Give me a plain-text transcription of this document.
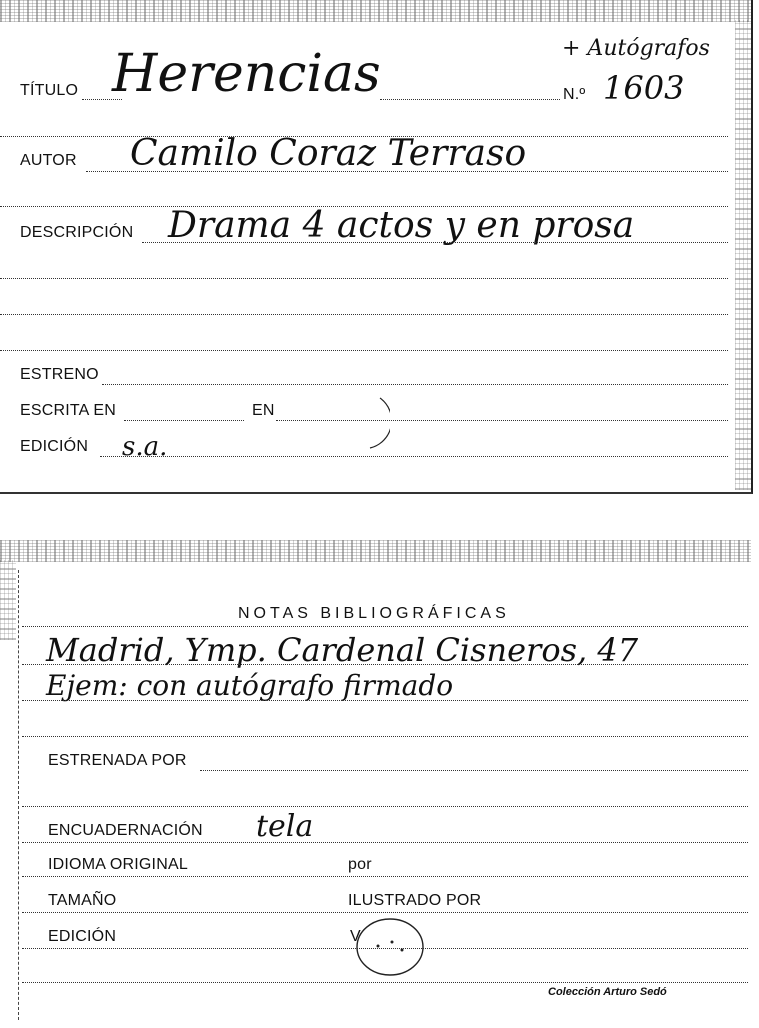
TÍTULO Herencias	+ Autógrafos
N.º 1603
AUTOR Camilo Coraz Terraso
DESCRIPCIÓN Drama 4 actos y en prosa
ESTRENO
ESCRITA EN	EN
EDICIÓN s.a.
NOTAS BIBLIOGRÁFICAS
Madrid, Ymp. Cardenal Cisneros, 47
Ejem: con autógrafo firmado
ESTRENADA POR
ENCUADERNACIÓN tela
IDIOMA ORIGINAL	por
TAMAÑO	ILUSTRADO POR
EDICIÓN	V
Colección Arturo Sedó
